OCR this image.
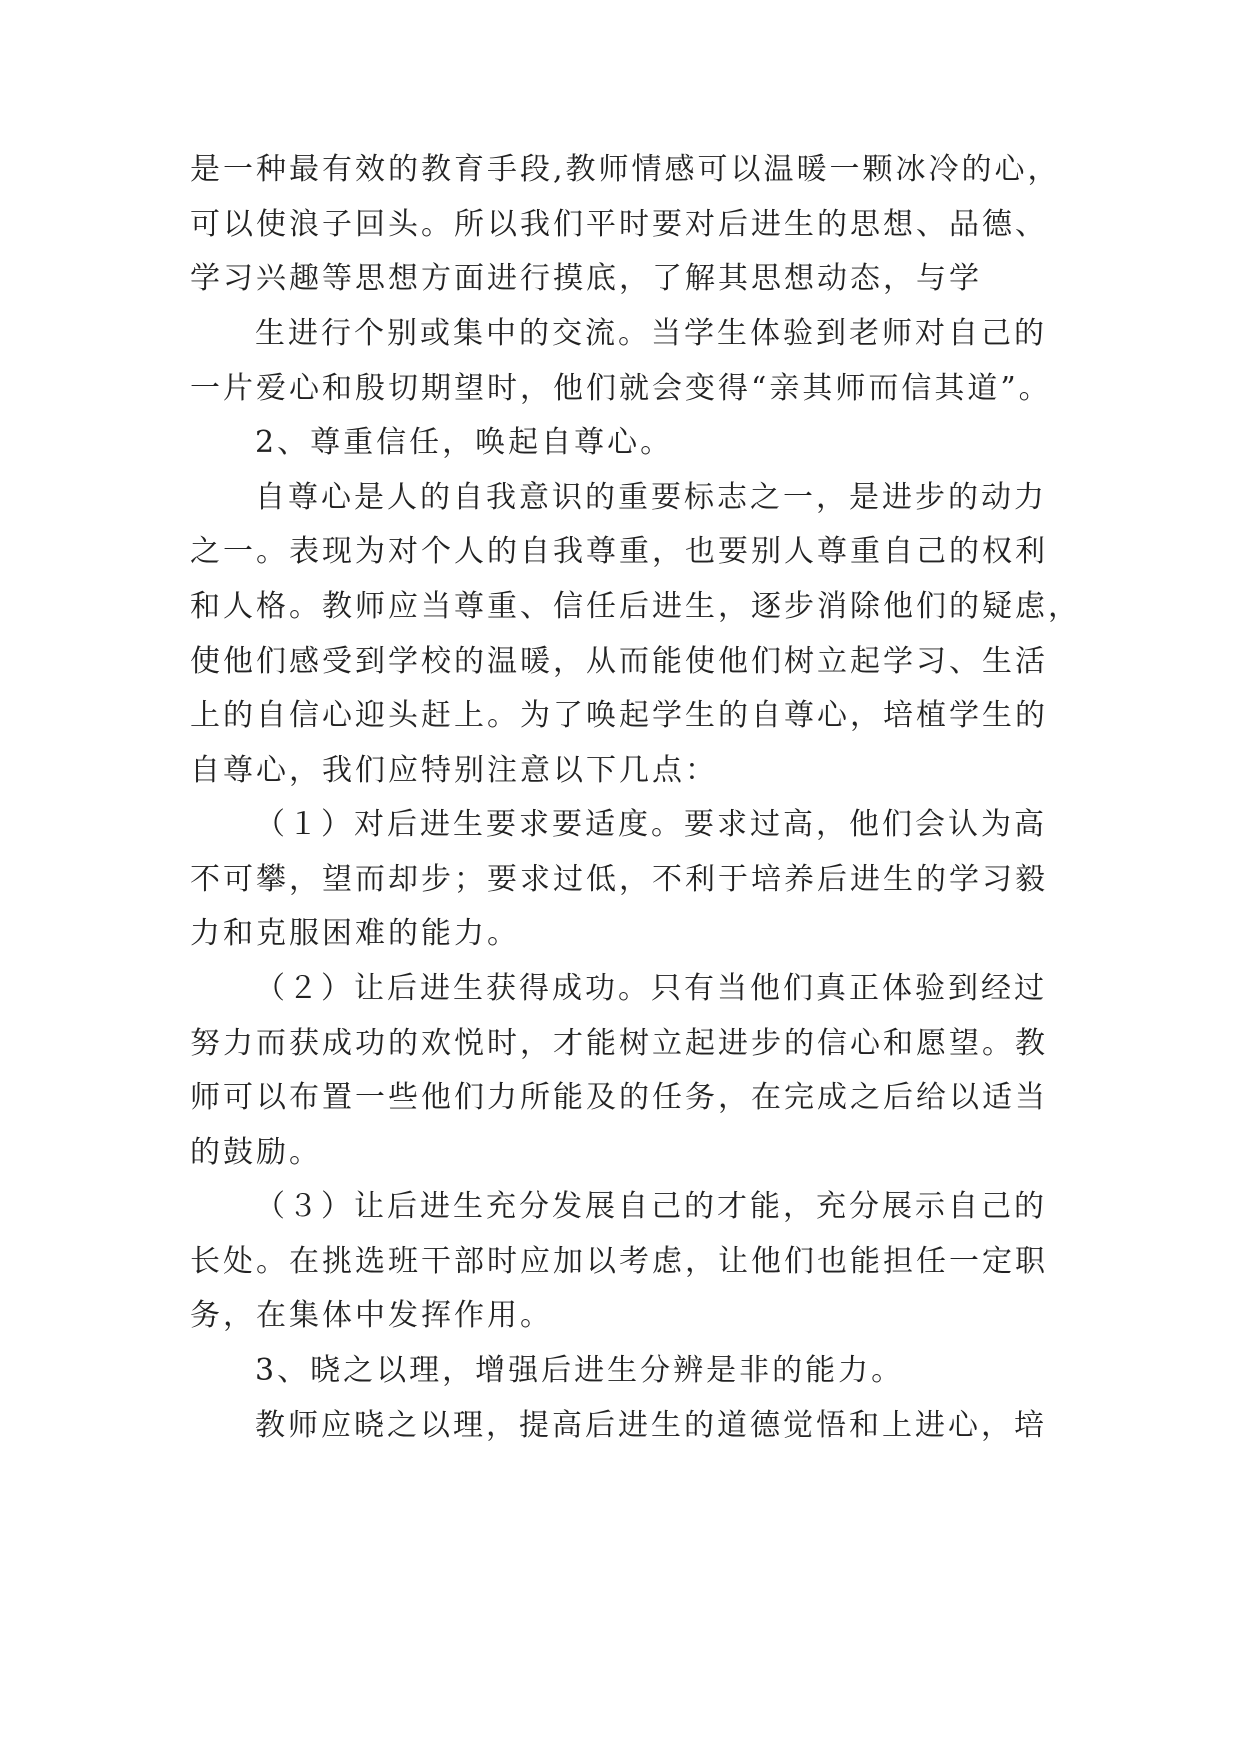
是一种最有效的教育手段,教师情感可以温暖一颗冰冷的心，

可以使浪子回头。所以我们平时要对后进生的思想、品德、

学习兴趣等思想方面进行摸底，了解其思想动态，与学

生进行个别或集中的交流。当学生体验到老师对自己的

一片爱心和殷切期望时，他们就会变得“亲其师而信其道”。

2、尊重信任，唤起自尊心。

自尊心是人的自我意识的重要标志之一，是进步的动力

之一。表现为对个人的自我尊重，也要别人尊重自己的权利

和人格。教师应当尊重、信任后进生，逐步消除他们的疑虑，

使他们感受到学校的温暖，从而能使他们树立起学习、生活

上的自信心迎头赶上。为了唤起学生的自尊心，培植学生的

自尊心，我们应特别注意以下几点：

（１）对后进生要求要适度。要求过高，他们会认为高

不可攀，望而却步；要求过低，不利于培养后进生的学习毅

力和克服困难的能力。

（２）让后进生获得成功。只有当他们真正体验到经过

努力而获成功的欢悦时，才能树立起进步的信心和愿望。教

师可以布置一些他们力所能及的任务，在完成之后给以适当

的鼓励。

（３）让后进生充分发展自己的才能，充分展示自己的

长处。在挑选班干部时应加以考虑，让他们也能担任一定职

务，在集体中发挥作用。

3、晓之以理，增强后进生分辨是非的能力。

教师应晓之以理，提高后进生的道德觉悟和上进心，培
